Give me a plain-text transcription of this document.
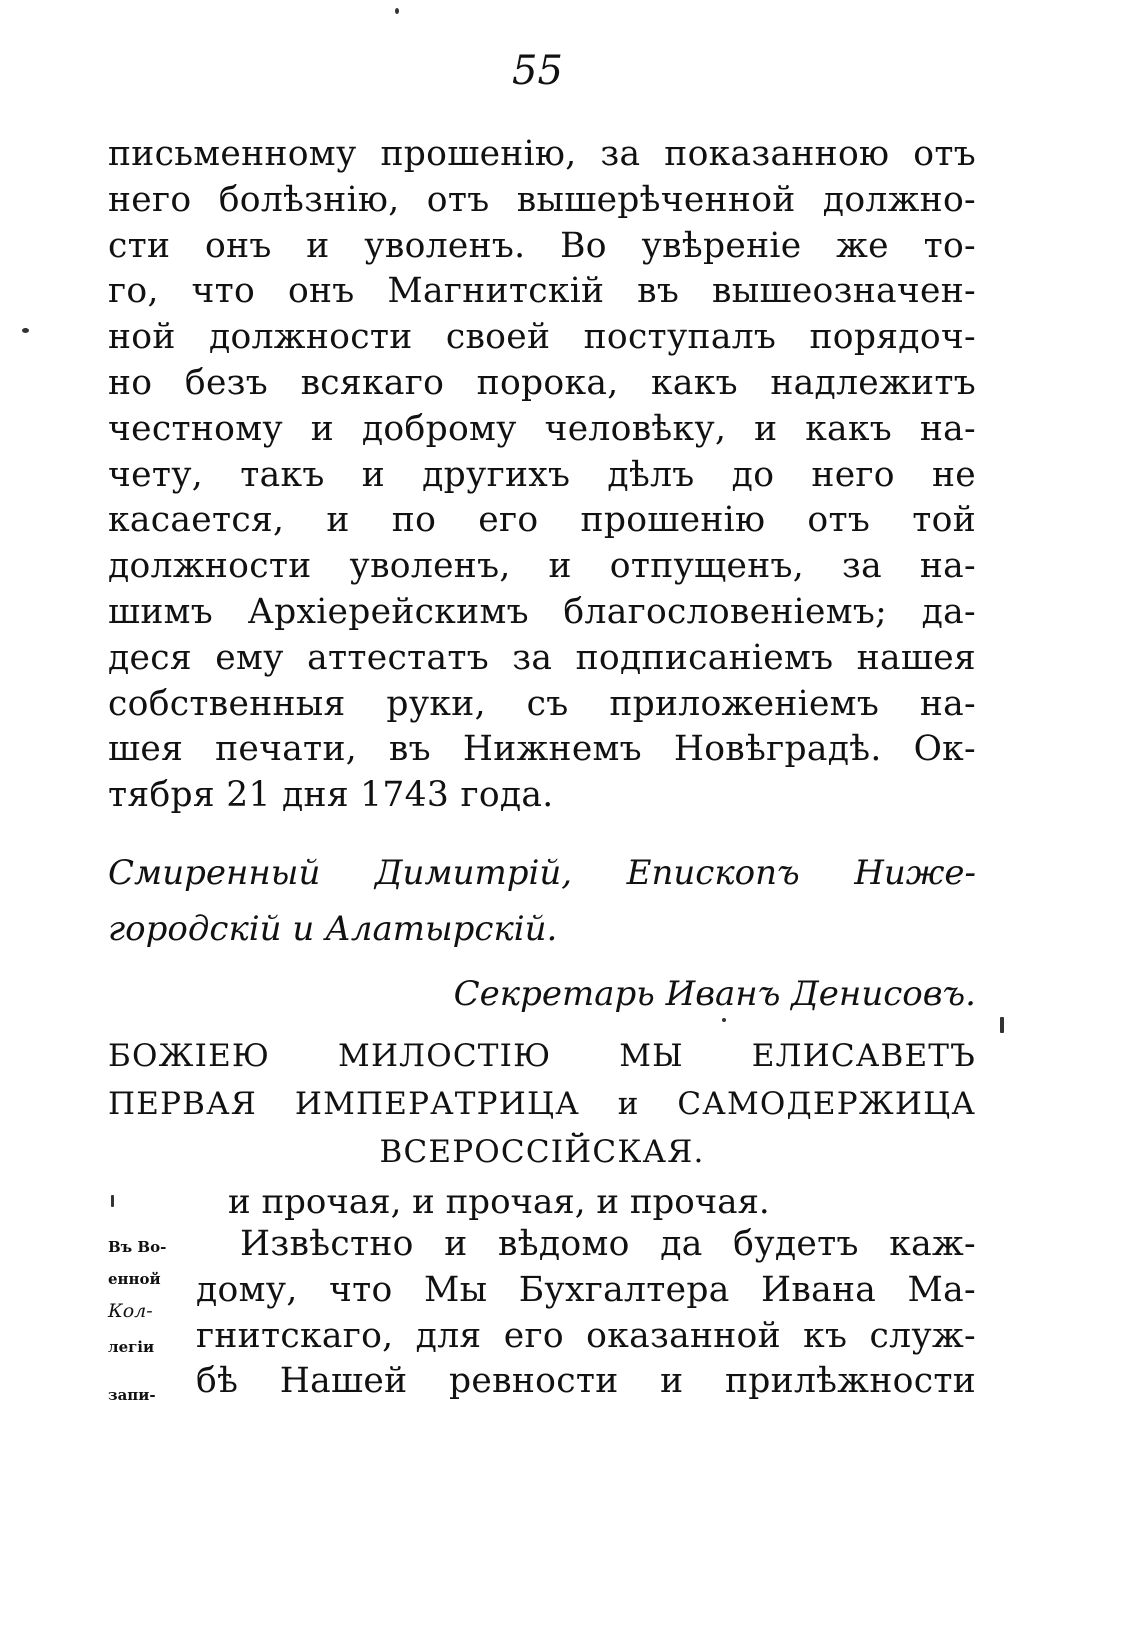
55
письменному прошенію, за показанною отъ
него болѣзнію, отъ вышерѣченной должно-
сти онъ и уволенъ. Во увѣреніе же то-
го, что онъ Магнитскій въ вышеозначен-
ной должности своей поступалъ порядоч-
но безъ всякаго порока, какъ надлежитъ
честному и доброму человѣку, и какъ на-
чету, такъ и другихъ дѣлъ до него не
касается, и по его прошенію отъ той
должности уволенъ, и отпущенъ, за на-
шимъ Архіерейскимъ благословеніемъ; да-
деся ему аттестатъ за подписаніемъ нашея
собственныя руки, съ приложеніемъ на-
шея печати, въ Нижнемъ Новѣградѣ. Ок-
тября 21 дня 1743 года.
Смиренный Димитрій, Епископъ Ниже-
городскій и Алатырскій.
Секретарь Иванъ Денисовъ.
БОЖІЕЮ МИЛОСТІЮ МЫ ЕЛИСАВЕТЪ
ПЕРВАЯ ИМПЕРАТРИЦА и САМОДЕРЖИЦА
ВСЕРОССІЙСКАЯ.
и прочая, и прочая, и прочая.
Въ Во-
енной
Кол-
легіи
запи-
Извѣстно и вѣдомо да будетъ каж-
дому, что Мы Бухгалтера Ивана Ма-
гнитскаго, для его оказанной къ служ-
бѣ Нашей ревности и прилѣжности
